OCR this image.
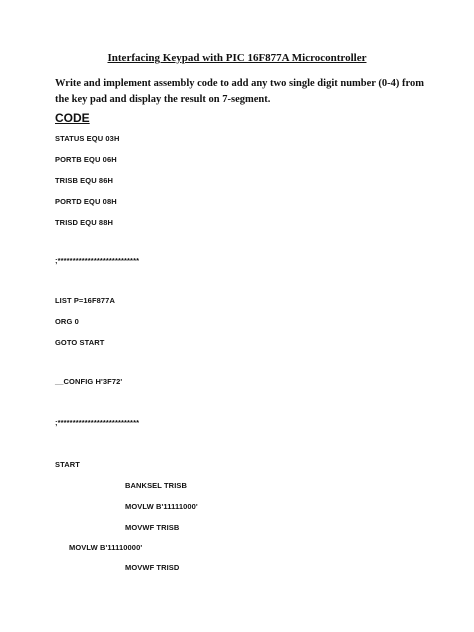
Interfacing Keypad with PIC 16F877A Microcontroller
Write and implement assembly code to add any two single digit number (0-4) from the key pad and display the result on 7-segment.
CODE
STATUS EQU 03H
PORTB EQU 06H
TRISB EQU 86H
PORTD EQU 08H
TRISD EQU 88H
;***************************
LIST P=16F877A
ORG 0
GOTO START
__CONFIG H'3F72'
;***************************
START
BANKSEL TRISB
MOVLW B'11111000'
MOVWF TRISB
MOVLW B'11110000'
MOVWF TRISD
